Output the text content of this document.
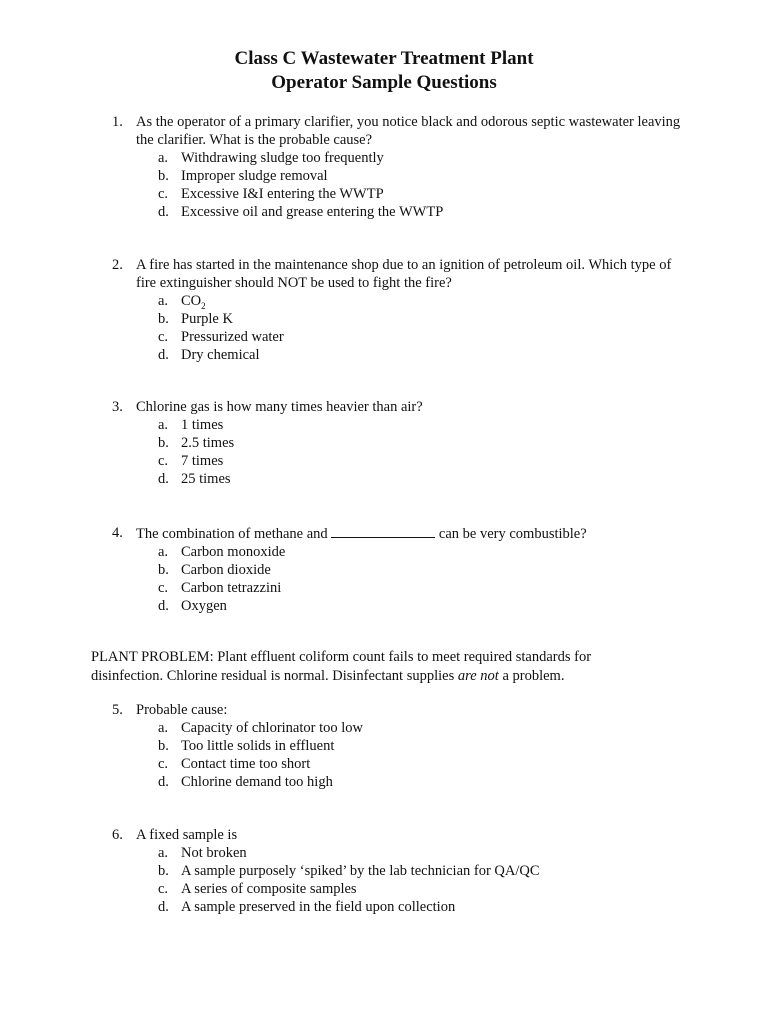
Class C Wastewater Treatment Plant
Operator Sample Questions
1. As the operator of a primary clarifier, you notice black and odorous septic wastewater leaving the clarifier. What is the probable cause?
a. Withdrawing sludge too frequently
b. Improper sludge removal
c. Excessive I&I entering the WWTP
d. Excessive oil and grease entering the WWTP
2. A fire has started in the maintenance shop due to an ignition of petroleum oil. Which type of fire extinguisher should NOT be used to fight the fire?
a. $CO_2$
b. Purple K
c. Pressurized water
d. Dry chemical
3. Chlorine gas is how many times heavier than air?
a. 1 times
b. 2.5 times
c. 7 times
d. 25 times
4. The combination of methane and	can be very combustible?
a. Carbon monoxide
b. Carbon dioxide
c. Carbon tetrazzini
d. Oxygen
PLANT PROBLEM: Plant effluent coliform count fails to meet required standards for disinfection. Chlorine residual is normal. Disinfectant supplies are not a problem.
5. Probable cause:
a. Capacity of chlorinator too low
b. Too little solids in effluent
c. Contact time too short
d. Chlorine demand too high
6. A fixed sample is
a. Not broken
b. A sample purposely ‘spiked’ by the lab technician for QA/QC
c. A series of composite samples
d. A sample preserved in the field upon collection
